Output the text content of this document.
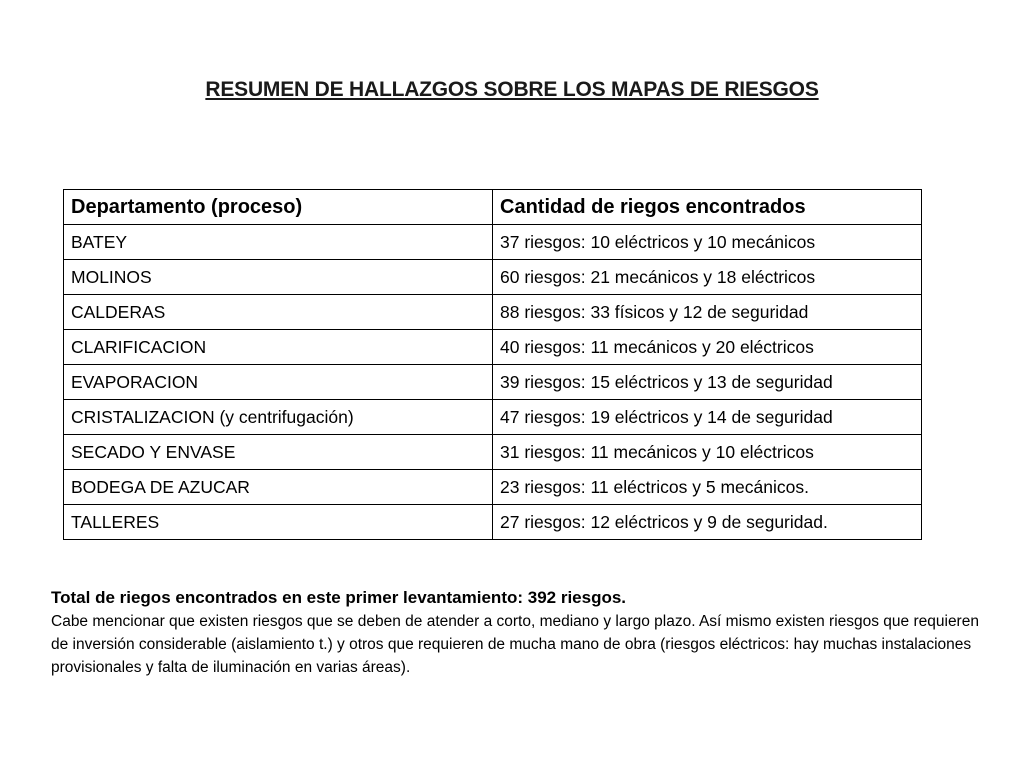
RESUMEN DE HALLAZGOS SOBRE LOS MAPAS DE RIESGOS
Departamento (proceso)	Cantidad de riegos encontrados
BATEY	37 riesgos: 10 eléctricos y 10 mecánicos
MOLINOS	60 riesgos: 21 mecánicos y 18 eléctricos
CALDERAS	88 riesgos: 33 físicos y 12 de seguridad
CLARIFICACION	40 riesgos: 11 mecánicos y 20 eléctricos
EVAPORACION	39 riesgos: 15 eléctricos y 13 de seguridad
CRISTALIZACION (y centrifugación)	47 riesgos: 19 eléctricos y 14 de seguridad
SECADO Y ENVASE	31 riesgos: 11 mecánicos y 10 eléctricos
BODEGA DE AZUCAR	23 riesgos: 11 eléctricos y 5 mecánicos.
TALLERES	27 riesgos: 12 eléctricos y 9 de seguridad.

Total de riegos encontrados en este primer levantamiento: 392 riesgos.

Cabe mencionar que existen riesgos que se deben de atender a corto, mediano y largo plazo. Así mismo existen riesgos que requieren de inversión considerable (aislamiento t.) y otros que requieren de mucha mano de obra (riesgos eléctricos: hay muchas instalaciones provisionales y falta de iluminación en varias áreas).
